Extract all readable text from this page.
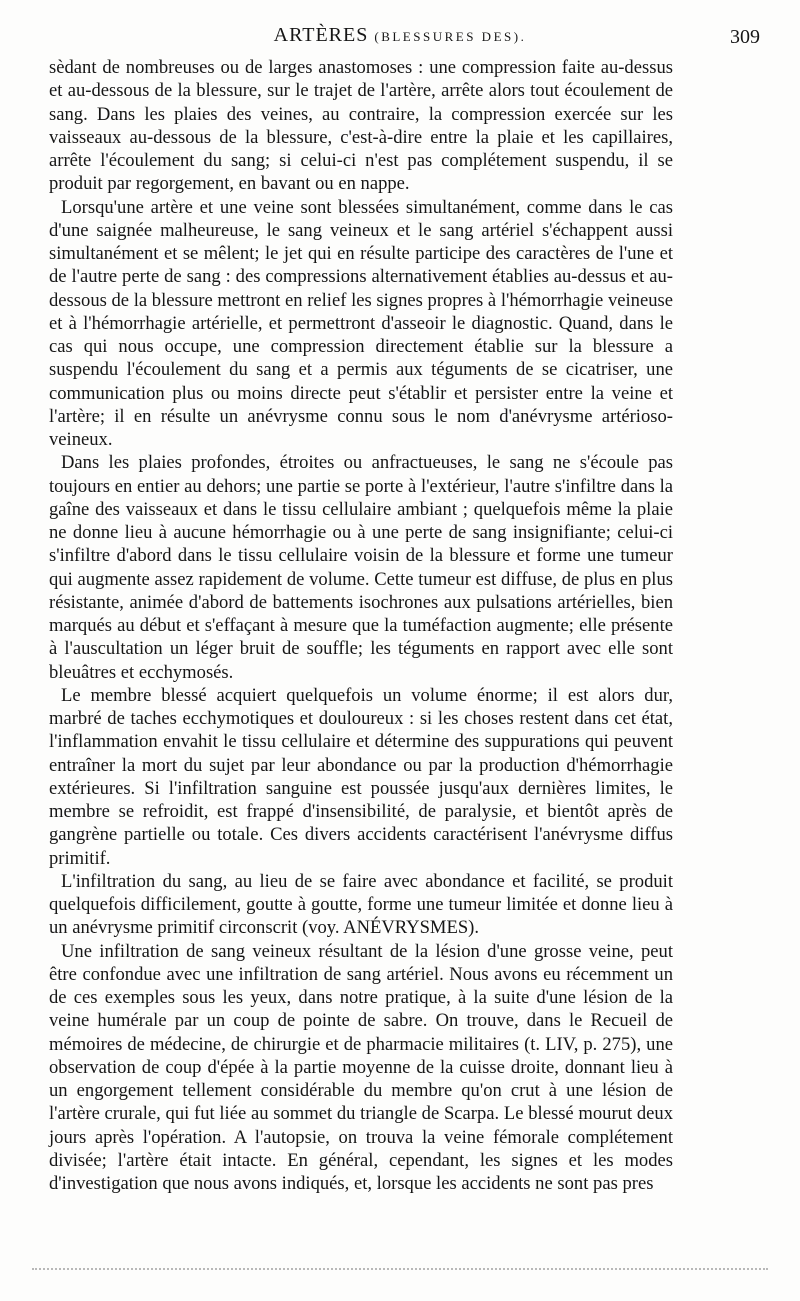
ARTÈRES (BLESSURES DES).	309

sèdant de nombreuses ou de larges anastomoses : une compression faite au-dessus et au-dessous de la blessure, sur le trajet de l'artère, arrête alors tout écoulement de sang. Dans les plaies des veines, au contraire, la compression exercée sur les vaisseaux au-dessous de la blessure, c'est-à-dire entre la plaie et les capillaires, arrête l'écoulement du sang; si celui-ci n'est pas complétement suspendu, il se produit par regorgement, en bavant ou en nappe.

Lorsqu'une artère et une veine sont blessées simultanément, comme dans le cas d'une saignée malheureuse, le sang veineux et le sang artériel s'échappent aussi simultanément et se mêlent; le jet qui en résulte participe des caractères de l'une et de l'autre perte de sang : des compressions alternativement établies au-dessus et au-dessous de la blessure mettront en relief les signes propres à l'hémorrhagie veineuse et à l'hémorrhagie artérielle, et permettront d'asseoir le diagnostic. Quand, dans le cas qui nous occupe, une compression directement établie sur la blessure a suspendu l'écoulement du sang et a permis aux téguments de se cicatriser, une communication plus ou moins directe peut s'établir et persister entre la veine et l'artère; il en résulte un anévrysme connu sous le nom d'anévrysme artérioso-veineux.

Dans les plaies profondes, étroites ou anfractueuses, le sang ne s'écoule pas toujours en entier au dehors; une partie se porte à l'extérieur, l'autre s'infiltre dans la gaîne des vaisseaux et dans le tissu cellulaire ambiant ; quelquefois même la plaie ne donne lieu à aucune hémorrhagie ou à une perte de sang insignifiante; celui-ci s'infiltre d'abord dans le tissu cellulaire voisin de la blessure et forme une tumeur qui augmente assez rapidement de volume. Cette tumeur est diffuse, de plus en plus résistante, animée d'abord de battements isochrones aux pulsations artérielles, bien marqués au début et s'effaçant à mesure que la tuméfaction augmente; elle présente à l'auscultation un léger bruit de souffle; les téguments en rapport avec elle sont bleuâtres et ecchymosés.

Le membre blessé acquiert quelquefois un volume énorme; il est alors dur, marbré de taches ecchymotiques et douloureux : si les choses restent dans cet état, l'inflammation envahit le tissu cellulaire et détermine des suppurations qui peuvent entraîner la mort du sujet par leur abondance ou par la production d'hémorrhagie extérieures. Si l'infiltration sanguine est poussée jusqu'aux dernières limites, le membre se refroidit, est frappé d'insensibilité, de paralysie, et bientôt après de gangrène partielle ou totale. Ces divers accidents caractérisent l'anévrysme diffus primitif.

L'infiltration du sang, au lieu de se faire avec abondance et facilité, se produit quelquefois difficilement, goutte à goutte, forme une tumeur limitée et donne lieu à un anévrysme primitif circonscrit (voy. ANÉVRYSMES).

Une infiltration de sang veineux résultant de la lésion d'une grosse veine, peut être confondue avec une infiltration de sang artériel. Nous avons eu récemment un de ces exemples sous les yeux, dans notre pratique, à la suite d'une lésion de la veine humérale par un coup de pointe de sabre. On trouve, dans le Recueil de mémoires de médecine, de chirurgie et de pharmacie militaires (t. LIV, p. 275), une observation de coup d'épée à la partie moyenne de la cuisse droite, donnant lieu à un engorgement tellement considérable du membre qu'on crut à une lésion de l'artère crurale, qui fut liée au sommet du triangle de Scarpa. Le blessé mourut deux jours après l'opération. A l'autopsie, on trouva la veine fémorale complétement divisée; l'artère était intacte. En général, cependant, les signes et les modes d'investigation que nous avons indiqués, et, lorsque les accidents ne sont pas pres
